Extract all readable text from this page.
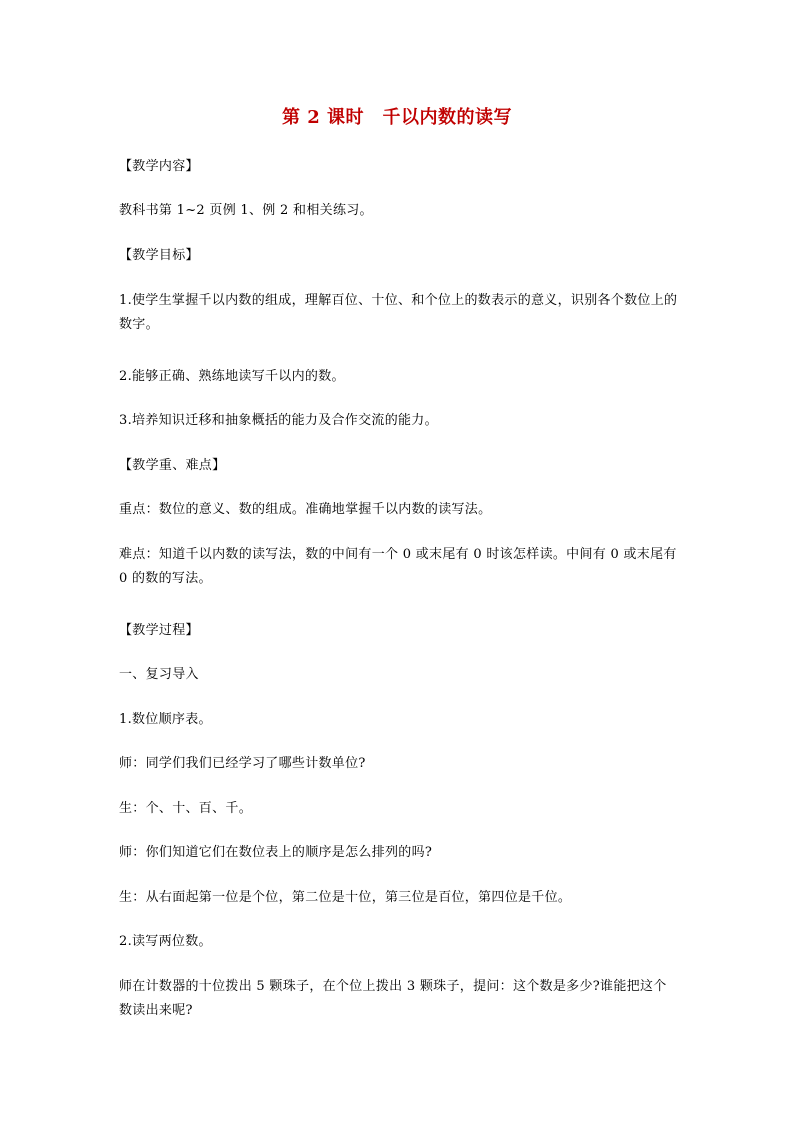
第 2 课时　千以内数的读写
【教学内容】
教科书第 1~2 页例 1、例 2 和相关练习。
【教学目标】
1.使学生掌握千以内数的组成，理解百位、十位、和个位上的数表示的意义，识别各个数位上的数字。
2.能够正确、熟练地读写千以内的数。
3.培养知识迁移和抽象概括的能力及合作交流的能力。
【教学重、难点】
重点：数位的意义、数的组成。准确地掌握千以内数的读写法。
难点：知道千以内数的读写法，数的中间有一个 0 或末尾有 0 时该怎样读。中间有 0 或末尾有 0 的数的写法。
【教学过程】
一、复习导入
1.数位顺序表。
师：同学们我们已经学习了哪些计数单位?
生：个、十、百、千。
师：你们知道它们在数位表上的顺序是怎么排列的吗?
生：从右面起第一位是个位，第二位是十位，第三位是百位，第四位是千位。
2.读写两位数。
师在计数器的十位拨出 5 颗珠子，在个位上拨出 3 颗珠子，提问：这个数是多少?谁能把这个数读出来呢?
